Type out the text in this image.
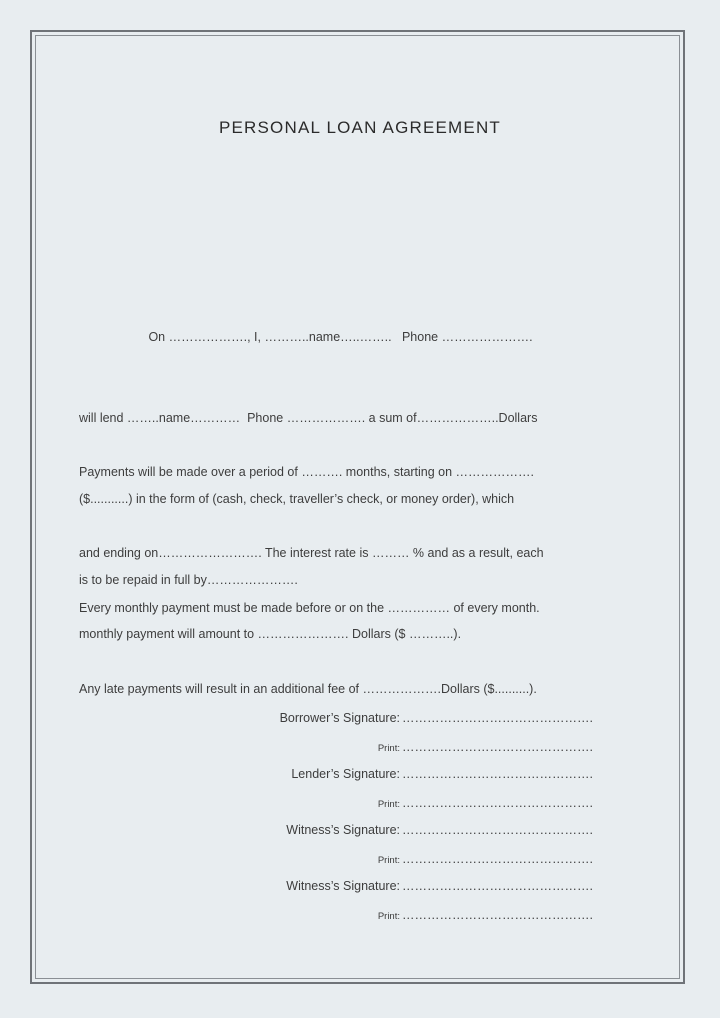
PERSONAL LOAN AGREEMENT

On ………………., I, ………..name…..……..   Phone ………………….

will lend ……..name…………  Phone ………………. a sum of………………..Dollars

($...........) in the form of (cash, check, traveller’s check, or money order), which

is to be repaid in full by………………….

Payments will be made over a period of ………. months, starting on ……………….

and ending on……………………. The interest rate is ……… % and as a result, each

monthly payment will amount to …………………. Dollars ($ ………..).

Every monthly payment must be made before or on the …………… of every month.

Any late payments will result in an additional fee of ……………….Dollars ($..........).

Borrower’s Signature:

……………………………………….

Print:

……………………………………….

Lender’s Signature:

……………………………………….

Print:

……………………………………….

Witness’s Signature:

……………………………………….

Print:

……………………………………….

Witness’s Signature:

……………………………………….

Print:

……………………………………….
